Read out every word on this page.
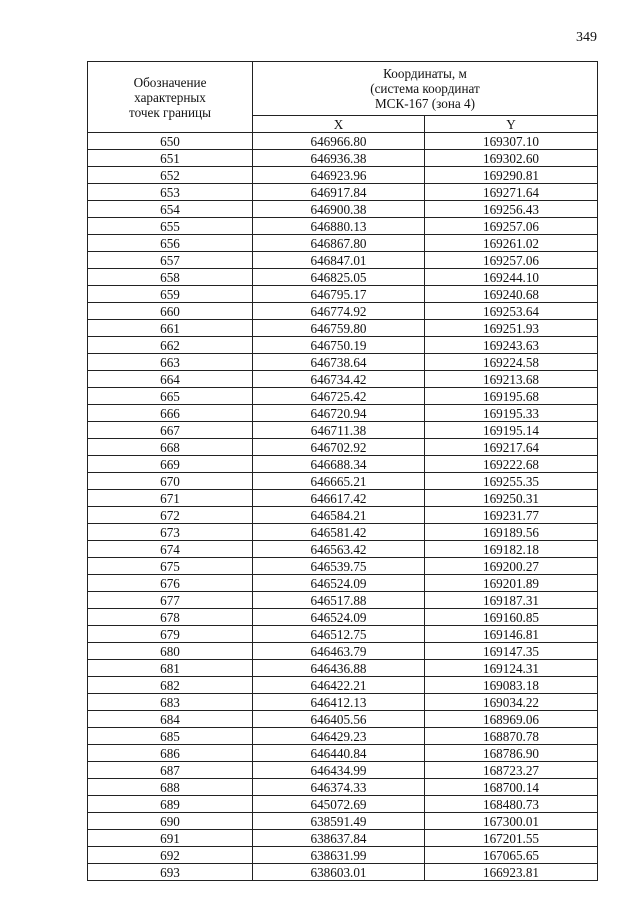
349
Обозначение
характерных
точек границы	Координаты, м
(система координат
МСК-167 (зона 4)	
	X	Y
650	646966.80	169307.10
651	646936.38	169302.60
652	646923.96	169290.81
653	646917.84	169271.64
654	646900.38	169256.43
655	646880.13	169257.06
656	646867.80	169261.02
657	646847.01	169257.06
658	646825.05	169244.10
659	646795.17	169240.68
660	646774.92	169253.64
661	646759.80	169251.93
662	646750.19	169243.63
663	646738.64	169224.58
664	646734.42	169213.68
665	646725.42	169195.68
666	646720.94	169195.33
667	646711.38	169195.14
668	646702.92	169217.64
669	646688.34	169222.68
670	646665.21	169255.35
671	646617.42	169250.31
672	646584.21	169231.77
673	646581.42	169189.56
674	646563.42	169182.18
675	646539.75	169200.27
676	646524.09	169201.89
677	646517.88	169187.31
678	646524.09	169160.85
679	646512.75	169146.81
680	646463.79	169147.35
681	646436.88	169124.31
682	646422.21	169083.18
683	646412.13	169034.22
684	646405.56	168969.06
685	646429.23	168870.78
686	646440.84	168786.90
687	646434.99	168723.27
688	646374.33	168700.14
689	645072.69	168480.73
690	638591.49	167300.01
691	638637.84	167201.55
692	638631.99	167065.65
693	638603.01	166923.81
